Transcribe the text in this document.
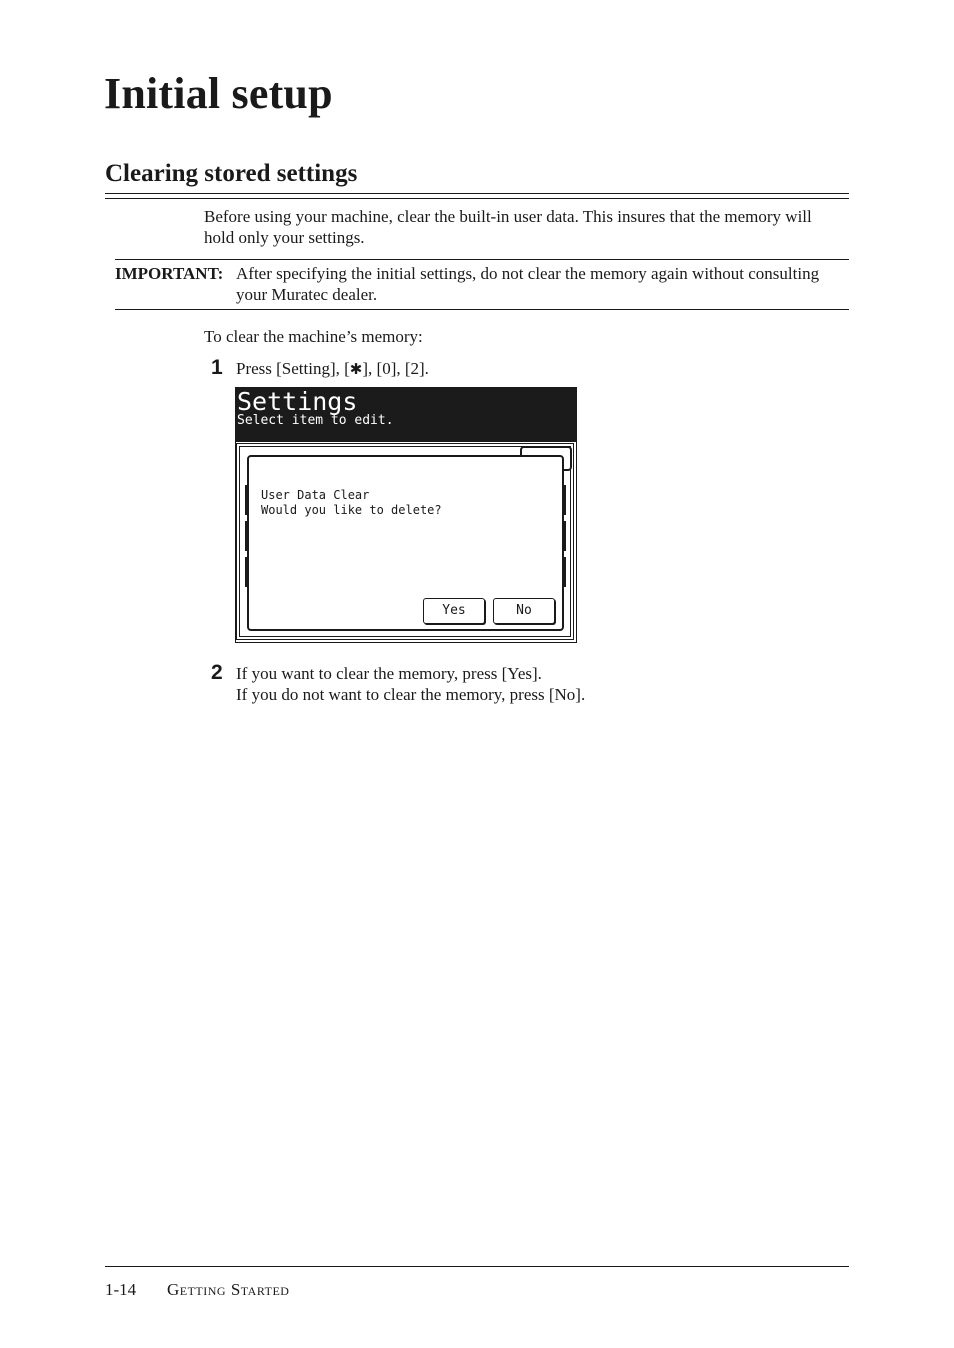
Initial setup
Clearing stored settings
Before using your machine, clear the built-in user data. This insures that the memory will hold only your settings.
IMPORTANT: After specifying the initial settings, do not clear the memory again without consulting your Muratec dealer.
To clear the machine’s memory:
1 Press [Setting], [✱], [0], [2].
Settings
Select item to edit.
User Data Clear
Would you like to delete?
Yes	No
2 If you want to clear the memory, press [Yes].
If you do not want to clear the memory, press [No].
1-14 Getting Started
